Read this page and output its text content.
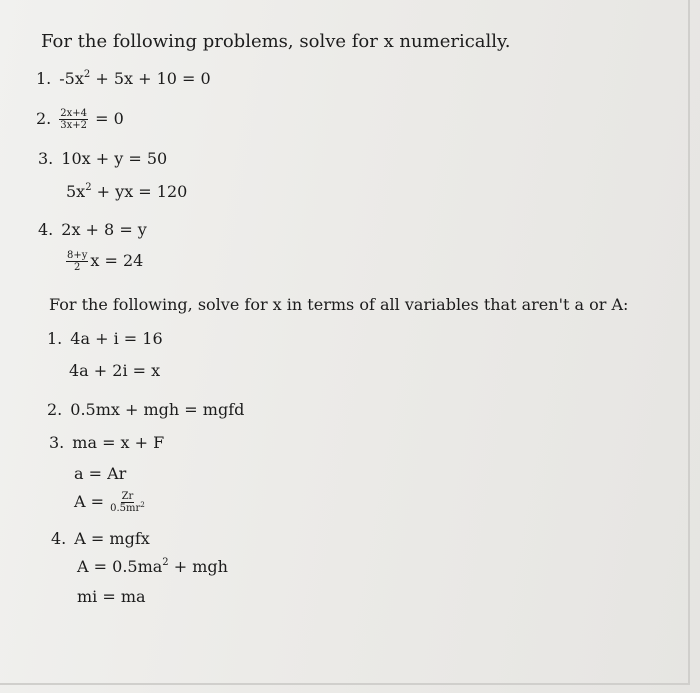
For the following problems, solve for x numerically.
1. $-5x^2 + 5x + 10 = 0$
2. $\frac{2x+4}{3x+2} = 0$
3. 10x + y = 50
$5x^2$ + yx = 120
4. 2x + 8 = y
$\frac{8+y}{2}$ x = 24
For the following, solve for x in terms of all variables that aren't a or A:
1. 4a + i = 16
4a + 2i = x
2. 0.5mx + mgh = mgfd
3. ma = x + F
a = Ar
$A = \frac{Zr}{0.5mr^2}$
4. A = mgfx
$A = 0.5ma^2$ + mgh
mi = ma
